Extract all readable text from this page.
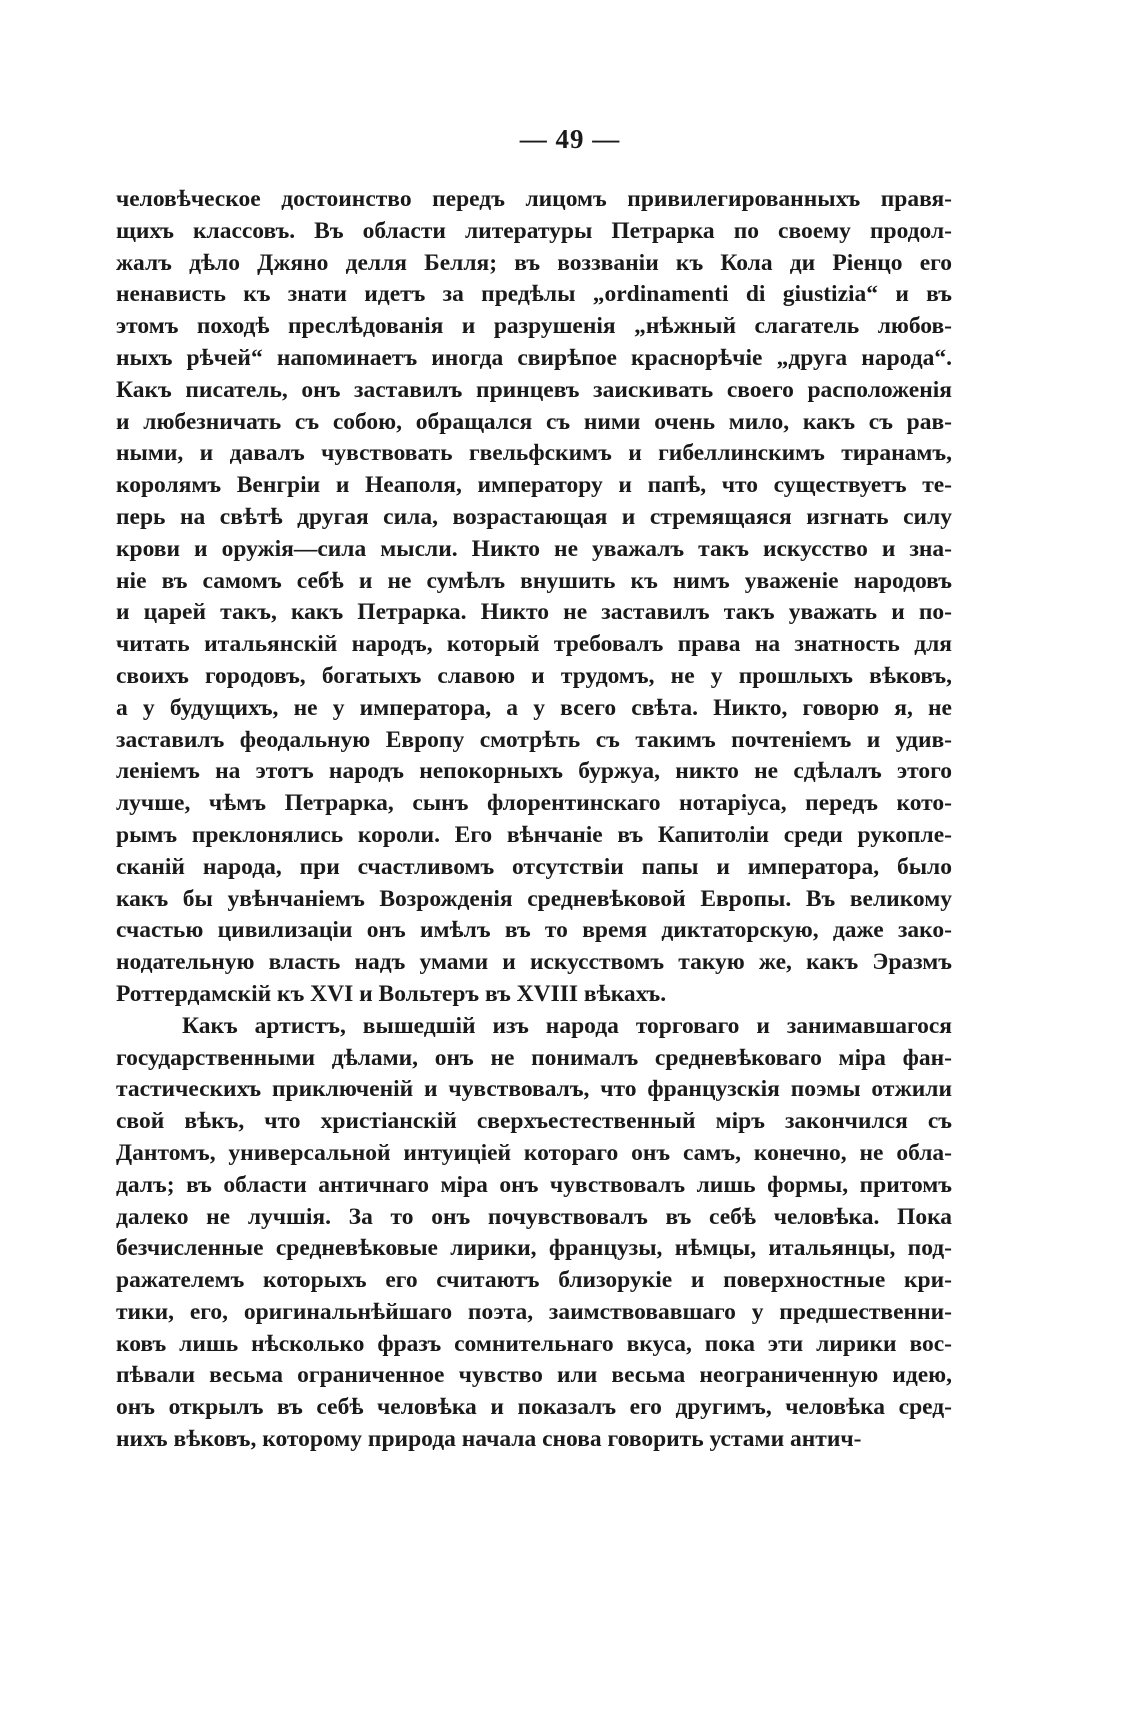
— 49 —
человѣческое достоинство передъ лицомъ привилегированныхъ правя-
щихъ классовъ. Въ области литературы Петрарка по своему продол-
жалъ дѣло Джяно делля Белля; въ воззваніи къ Кола ди Ріенцо его
ненависть къ знати идетъ за предѣлы „ordinamenti di giustizia“ и въ
этомъ походѣ преслѣдованія и разрушенія „нѣжный слагатель любов-
ныхъ рѣчей“ напоминаетъ иногда свирѣпое краснорѣчіе „друга народа“.
Какъ писатель, онъ заставилъ принцевъ заискивать своего расположенія
и любезничать съ собою, обращался съ ними очень мило, какъ съ рав-
ными, и давалъ чувствовать гвельфскимъ и гибеллинскимъ тиранамъ,
королямъ Венгріи и Неаполя, императору и папѣ, что существуетъ те-
перь на свѣтѣ другая сила, возрастающая и стремящаяся изгнать силу
крови и оружія—сила мысли. Никто не уважалъ такъ искусство и зна-
ніе въ самомъ себѣ и не сумѣлъ внушить къ нимъ уваженіе народовъ
и царей такъ, какъ Петрарка. Никто не заставилъ такъ уважать и по-
читать итальянскій народъ, который требовалъ права на знатность для
своихъ городовъ, богатыхъ славою и трудомъ, не у прошлыхъ вѣковъ,
а у будущихъ, не у императора, а у всего свѣта. Никто, говорю я, не
заставилъ феодальную Европу смотрѣть съ такимъ почтеніемъ и удив-
леніемъ на этотъ народъ непокорныхъ буржуа, никто не сдѣлалъ этого
лучше, чѣмъ Петрарка, сынъ флорентинскаго нотаріуса, передъ кото-
рымъ преклонялись короли. Его вѣнчаніе въ Капитоліи среди рукопле-
сканій народа, при счастливомъ отсутствіи папы и императора, было
какъ бы увѣнчаніемъ Возрожденія средневѣковой Европы. Въ великому
счастью цивилизаціи онъ имѣлъ въ то время диктаторскую, даже зако-
нодательную власть надъ умами и искусствомъ такую же, какъ Эразмъ
Роттердамскій къ XVI и Вольтеръ въ XVIII вѣкахъ.
Какъ артистъ, вышедшій изъ народа торговаго и занимавшагося
государственными дѣлами, онъ не понималъ средневѣковаго міра фан-
тастическихъ приключеній и чувствовалъ, что французскія поэмы отжили
свой вѣкъ, что христіанскій сверхъестественный міръ закончился съ
Дантомъ, универсальной интуиціей котораго онъ самъ, конечно, не обла-
далъ; въ области античнаго міра онъ чувствовалъ лишь формы, притомъ
далеко не лучшія. За то онъ почувствовалъ въ себѣ человѣка. Пока
безчисленные средневѣковые лирики, французы, нѣмцы, итальянцы, под-
ражателемъ которыхъ его считаютъ близорукіе и поверхностные кри-
тики, его, оригинальнѣйшаго поэта, заимствовавшаго у предшественни-
ковъ лишь нѣсколько фразъ сомнительнаго вкуса, пока эти лирики вос-
пѣвали весьма ограниченное чувство или весьма неограниченную идею,
онъ открылъ въ себѣ человѣка и показалъ его другимъ, человѣка сред-
нихъ вѣковъ, которому природа начала снова говорить устами антич-
